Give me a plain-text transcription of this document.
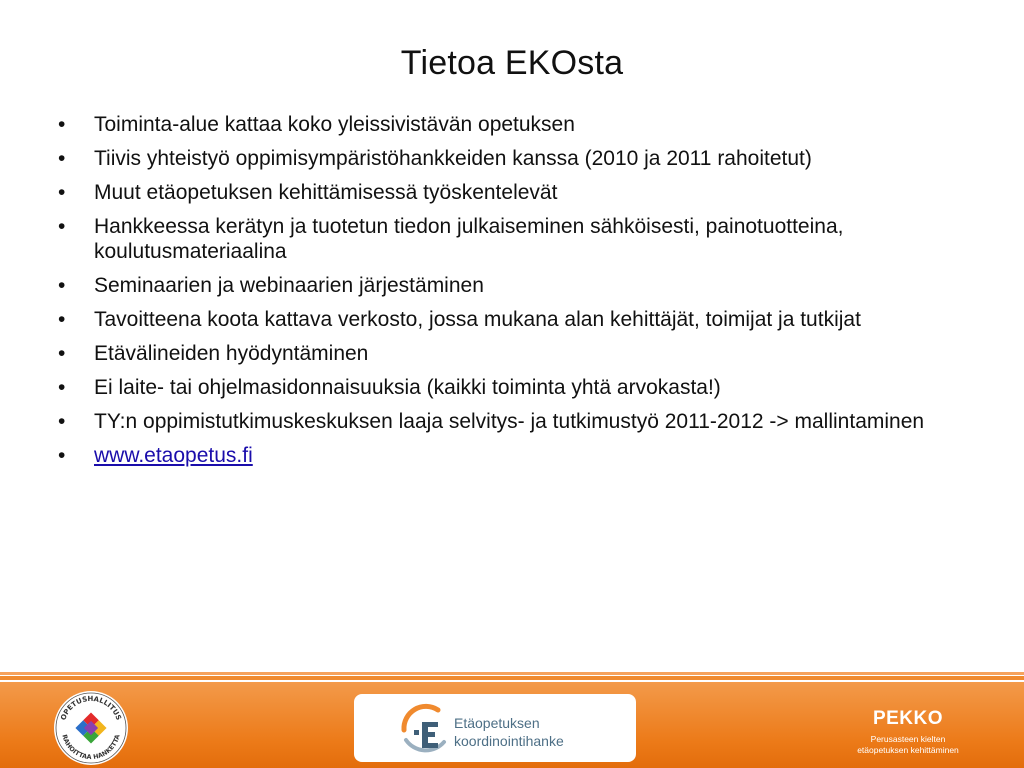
Tietoa EKOsta
• Toiminta-alue kattaa koko yleissivistävän opetuksen
• Tiivis yhteistyö oppimisympäristöhankkeiden kanssa (2010 ja 2011 rahoitetut)
• Muut etäopetuksen kehittämisessä työskentelevät
• Hankkeessa kerätyn ja tuotetun tiedon julkaiseminen sähköisesti, painotuotteina, koulutusmateriaalina
• Seminaarien ja webinaarien järjestäminen
• Tavoitteena koota kattava verkosto, jossa mukana alan kehittäjät, toimijat ja tutkijat
• Etävälineiden hyödyntäminen
• Ei laite- tai ohjelmasidonnaisuuksia (kaikki toiminta yhtä arvokasta!)
• TY:n oppimistutkimuskeskuksen laaja selvitys- ja tutkimustyö 2011-2012 -> mallintaminen
• www.etaopetus.fi
OPETUSHALLITUS
RAHOITTAA HANKETTA
Etäopetuksen
koordinointihanke
PEKKO
Perusasteen kielten
etäopetuksen kehittäminen
